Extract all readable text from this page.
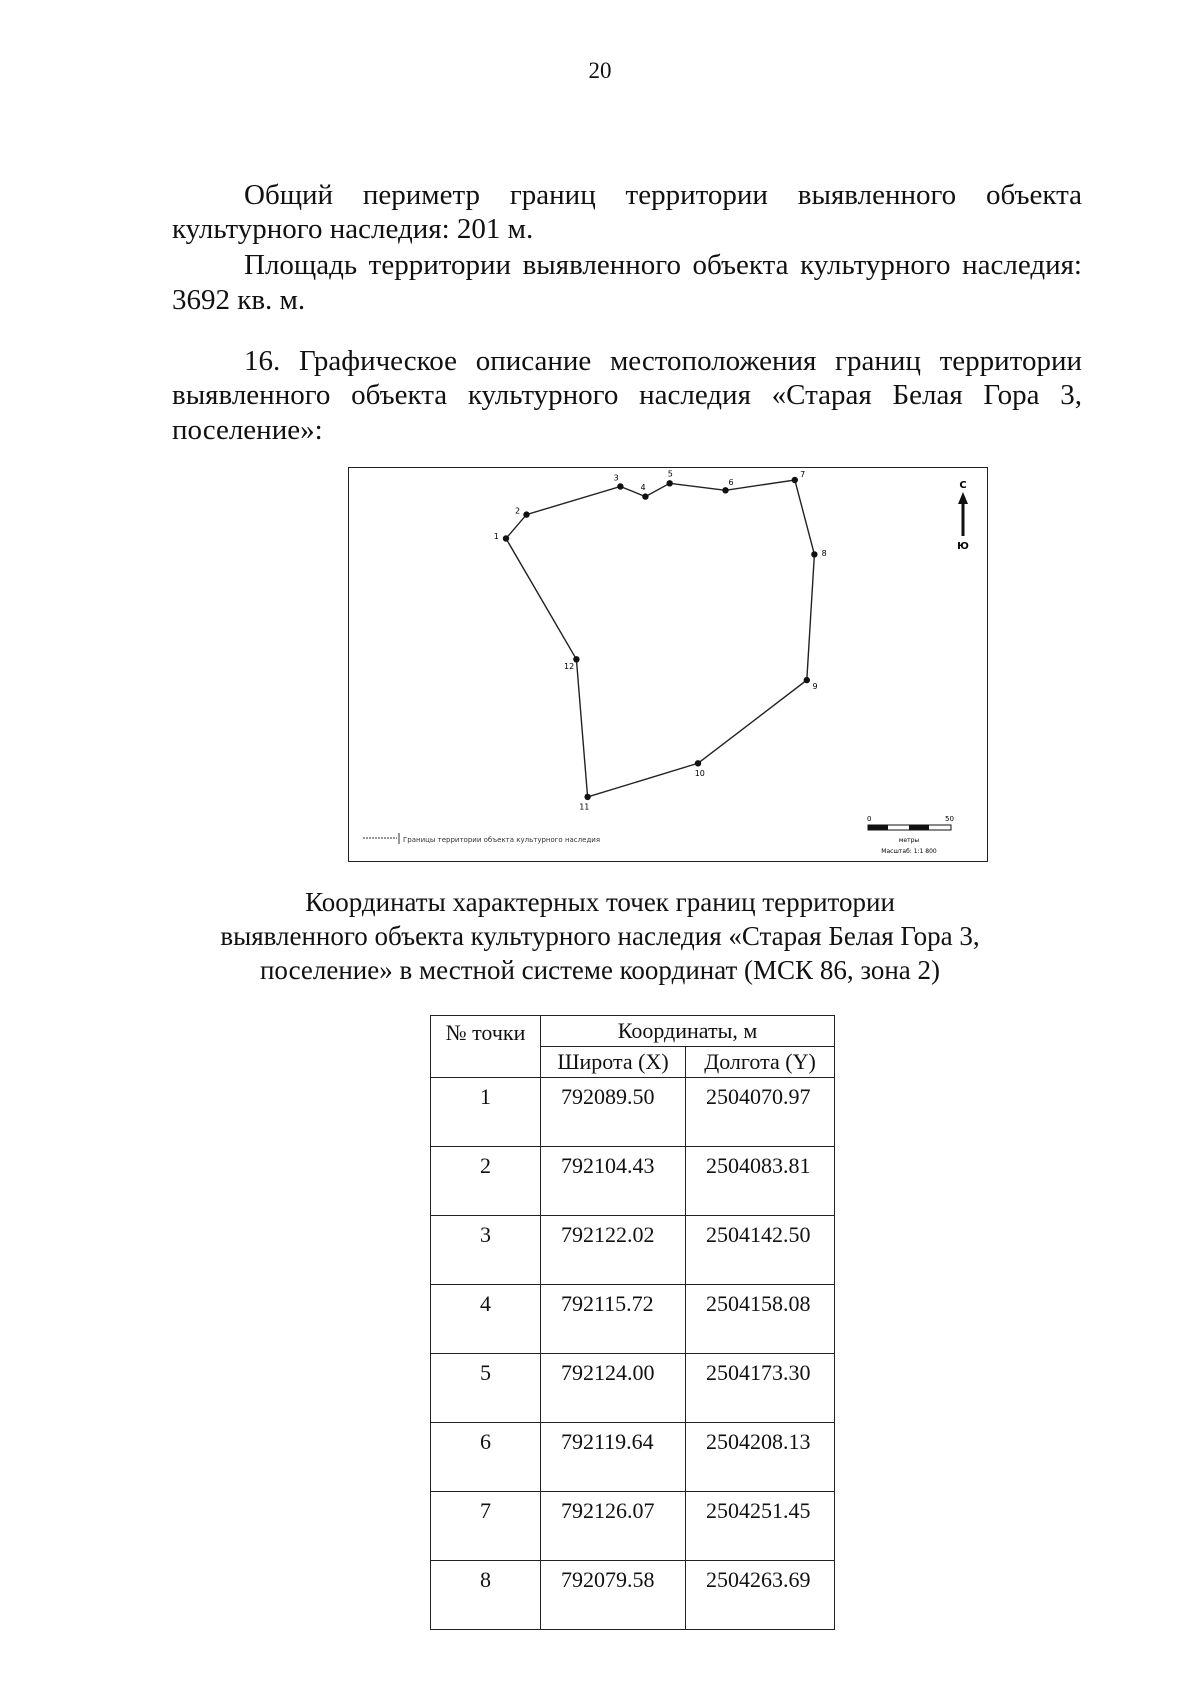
20
Общий периметр границ территории выявленного объекта
культурного наследия: 201 м.
Площадь территории выявленного объекта культурного наследия:
3692 кв. м.
16. Графическое описание местоположения границ территории
выявленного объекта культурного наследия «Старая Белая Гора 3,
поселение»:
1
2
3
4
5
6
7
8
9
10
11
12
С
Ю
Границы территории объекта культурного наследия
0	50
метры
Масштаб: 1:1 800
Координаты характерных точек границ территории
выявленного объекта культурного наследия «Старая Белая Гора 3,
поселение» в местной системе координат (МСК 86, зона 2)
№ точки	Координаты, м	
	Широта (X)	Долгота (Y)
1	792089.50	2504070.97
2	792104.43	2504083.81
3	792122.02	2504142.50
4	792115.72	2504158.08
5	792124.00	2504173.30
6	792119.64	2504208.13
7	792126.07	2504251.45
8	792079.58	2504263.69
